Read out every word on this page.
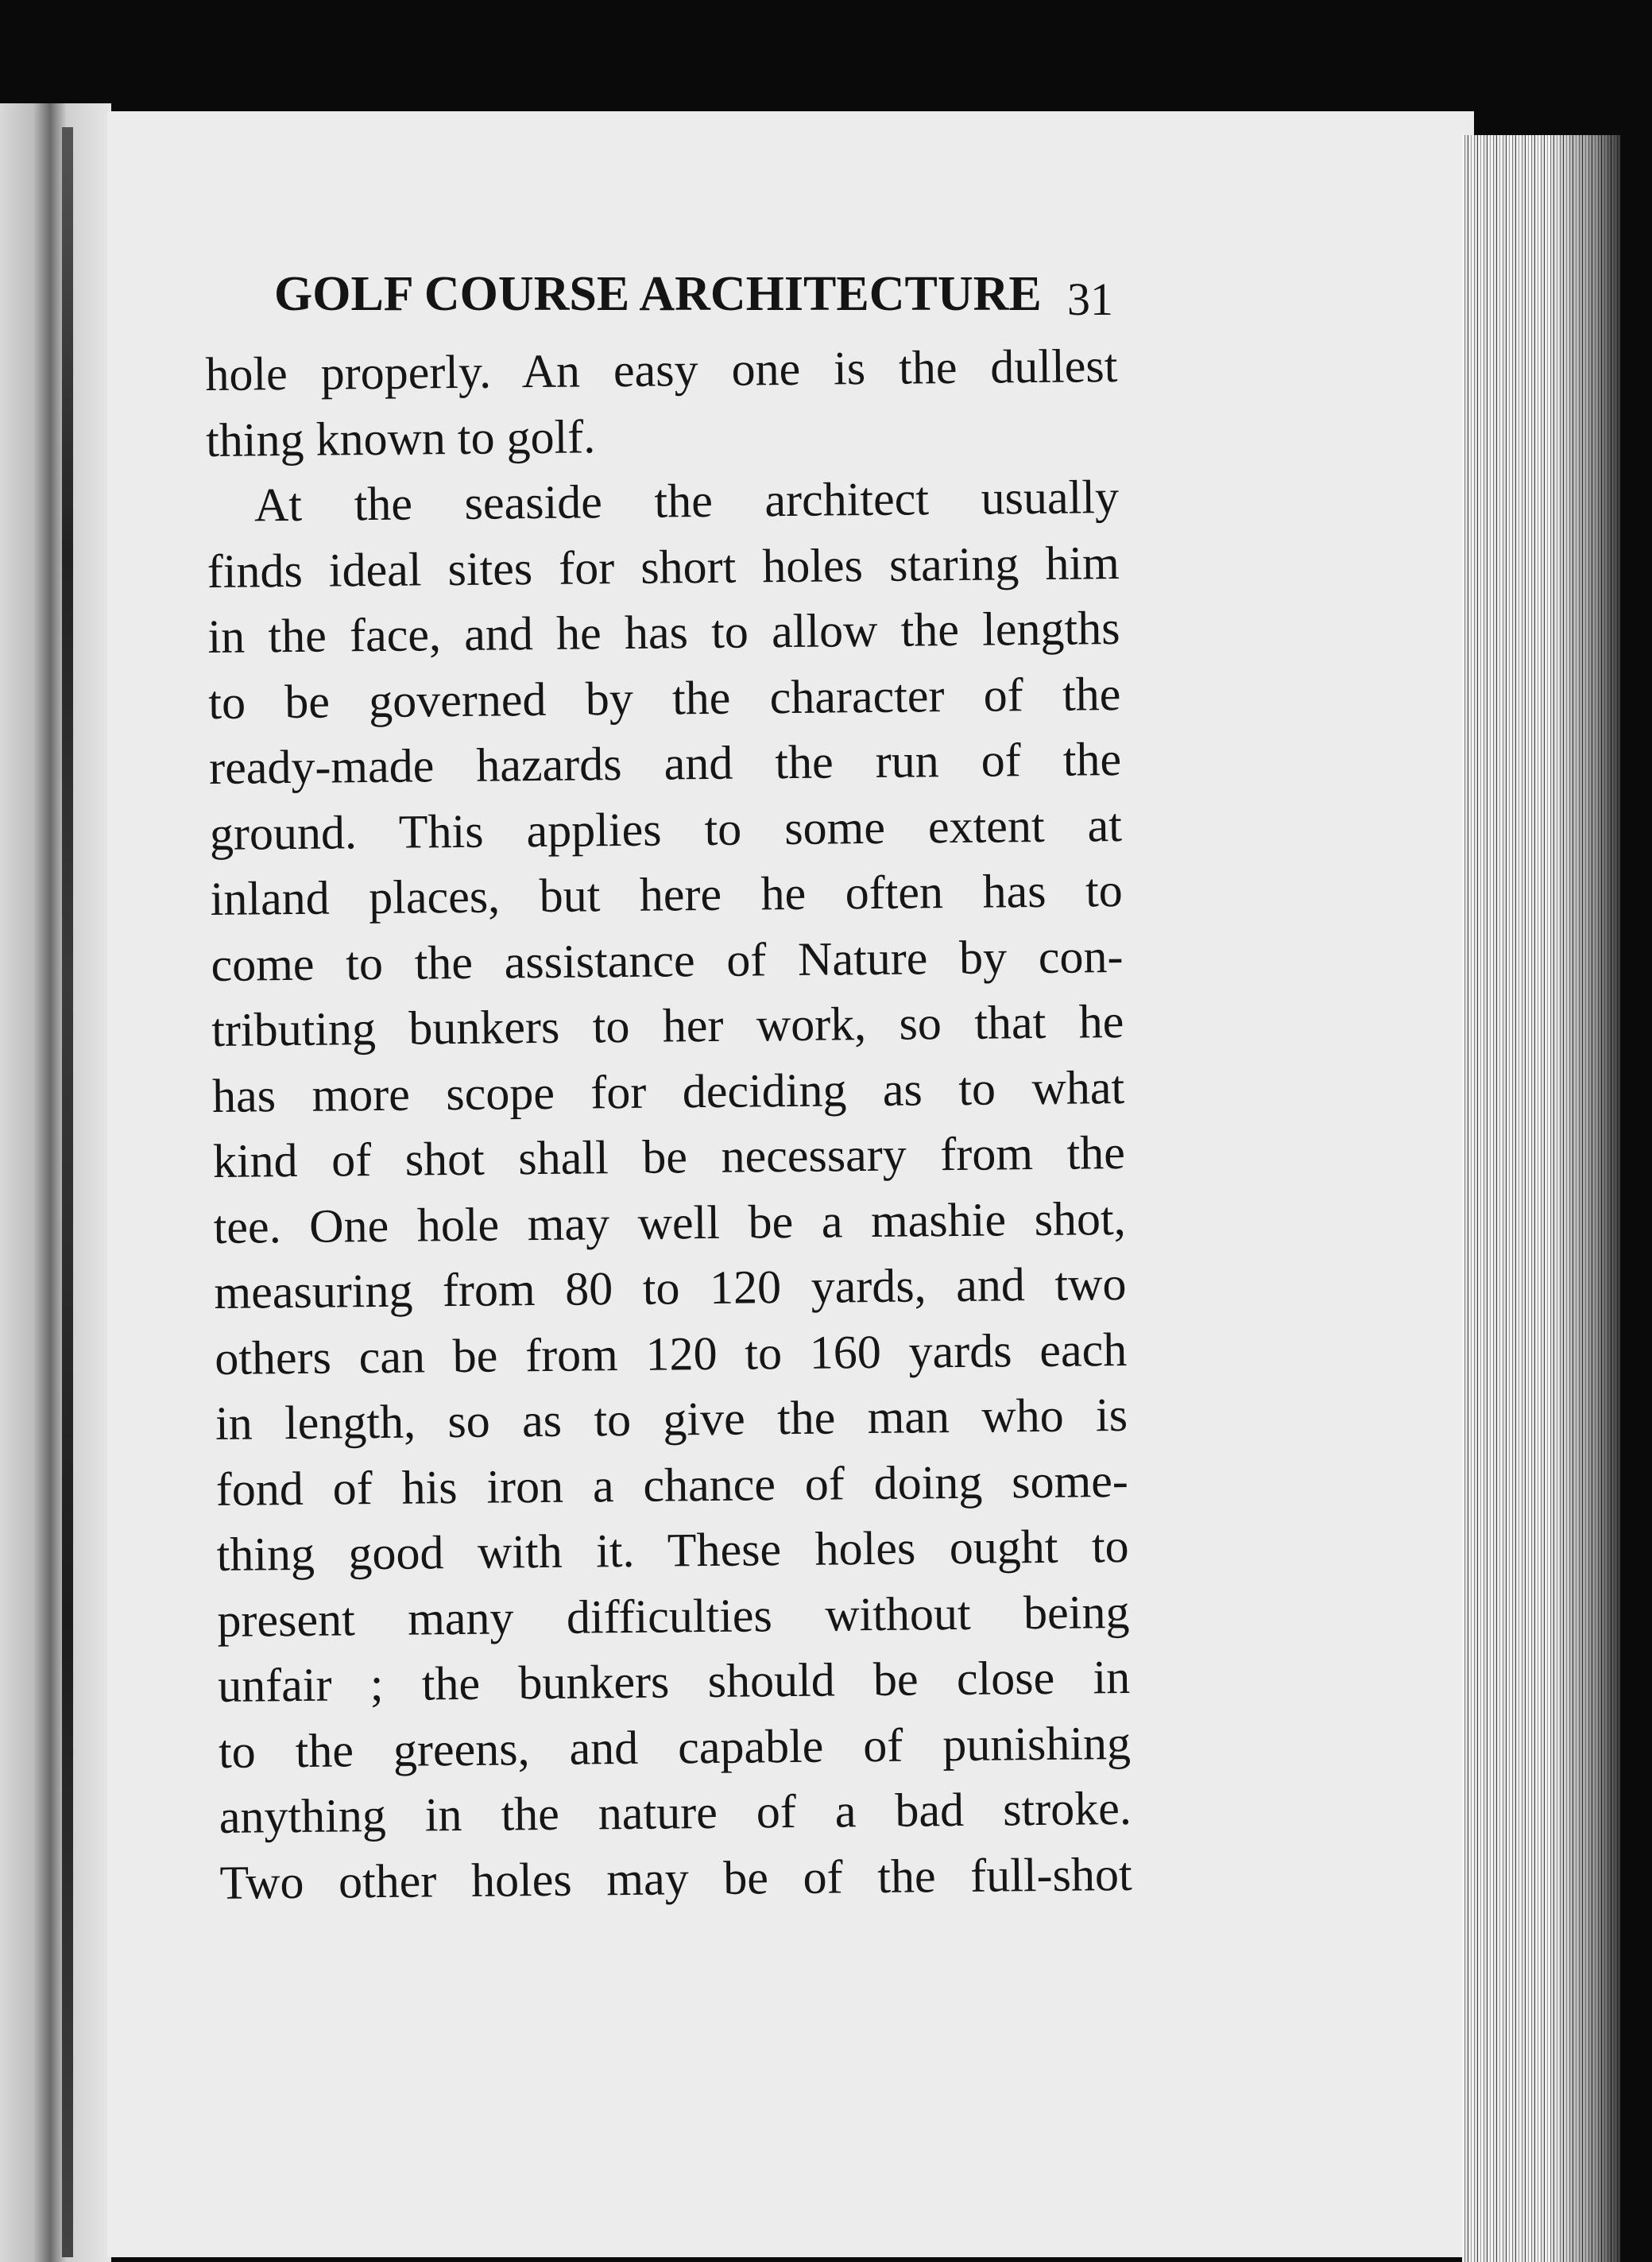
GOLF COURSE ARCHITECTURE 31
hole properly. An easy one is the dullest
thing known to golf.
At the seaside the architect usually
finds ideal sites for short holes staring him
in the face, and he has to allow the lengths
to be governed by the character of the
ready-made hazards and the run of the
ground. This applies to some extent at
inland places, but here he often has to
come to the assistance of Nature by con-
tributing bunkers to her work, so that he
has more scope for deciding as to what
kind of shot shall be necessary from the
tee. One hole may well be a mashie shot,
measuring from 80 to 120 yards, and two
others can be from 120 to 160 yards each
in length, so as to give the man who is
fond of his iron a chance of doing some-
thing good with it. These holes ought to
present many difficulties without being
unfair ; the bunkers should be close in
to the greens, and capable of punishing
anything in the nature of a bad stroke.
Two other holes may be of the full-shot
